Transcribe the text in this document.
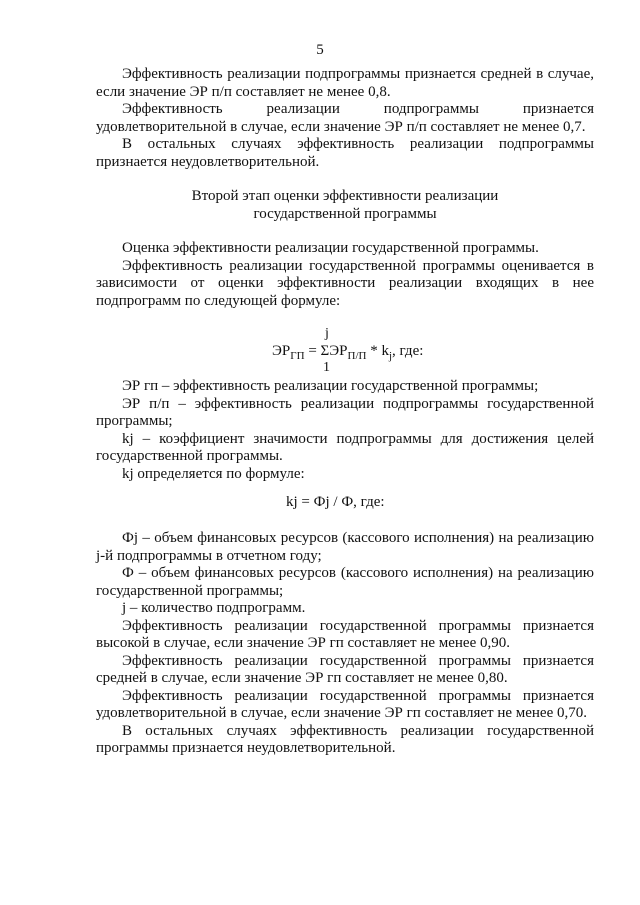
5

Эффективность реализации подпрограммы признается средней в случае, если значение ЭР п/п составляет не менее 0,8.

Эффективность реализации подпрограммы признается удовлетворительной в случае, если значение ЭР п/п составляет не менее 0,7.

В остальных случаях эффективность реализации подпрограммы признается неудовлетворительной.

Второй этап оценки эффективности реализации

государственной программы

Оценка эффективности реализации государственной программы.

Эффективность реализации государственной программы оценивается в зависимости от оценки эффективности реализации входящих в нее подпрограмм по следующей формуле:

$ЭР_{ГП} = \Sigma ЭР_{П/П} * k_j$, где:
j
1

ЭР гп – эффективность реализации государственной программы;

ЭР п/п – эффективность реализации подпрограммы государственной программы;

kj – коэффициент значимости подпрограммы для достижения целей государственной программы.

kj определяется по формуле:

kj = Фj / Ф, где:

Фj – объем финансовых ресурсов (кассового исполнения) на реализацию j-й подпрограммы в отчетном году;

Ф – объем финансовых ресурсов (кассового исполнения) на реализацию государственной программы;

j – количество подпрограмм.

Эффективность реализации государственной программы признается высокой в случае, если значение ЭР гп составляет не менее 0,90.

Эффективность реализации государственной программы признается средней в случае, если значение ЭР гп составляет не менее 0,80.

Эффективность реализации государственной программы признается удовлетворительной в случае, если значение ЭР гп составляет не менее 0,70.

В остальных случаях эффективность реализации государственной программы признается неудовлетворительной.
